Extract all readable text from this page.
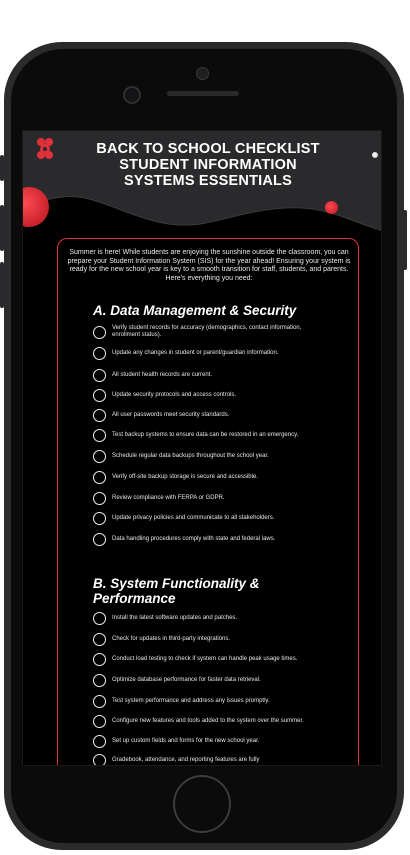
BACK TO SCHOOL CHECKLIST
STUDENT INFORMATION
SYSTEMS ESSENTIALS
Summer is here! While students are enjoying the sunshine outside the classroom, you can prepare your Student Information System (SIS) for the year ahead! Ensuring your system is ready for the new school year is key to a smooth transition for staff, students, and parents. Here's everything you need:
A. Data Management & Security
Verify student records for accuracy (demographics, contact information, enrollment status).
Update any changes in student or parent/guardian information.
All student health records are current.
Update security protocols and access controls.
All user passwords meet security standards.
Test backup systems to ensure data can be restored in an emergency.
Schedule regular data backups throughout the school year.
Verify off-site backup storage is secure and accessible.
Review compliance with FERPA or GDPR.
Update privacy policies and communicate to all stakeholders.
Data handling procedures comply with state and federal laws.
B. System Functionality & Performance
Install the latest software updates and patches.
Check for updates in third-party integrations.
Conduct load testing to check if system can handle peak usage times.
Optimize database performance for faster data retrieval.
Test system performance and address any issues promptly.
Configure new features and tools added to the system over the summer.
Set up custom fields and forms for the new school year.
Gradebook, attendance, and reporting features are fully
